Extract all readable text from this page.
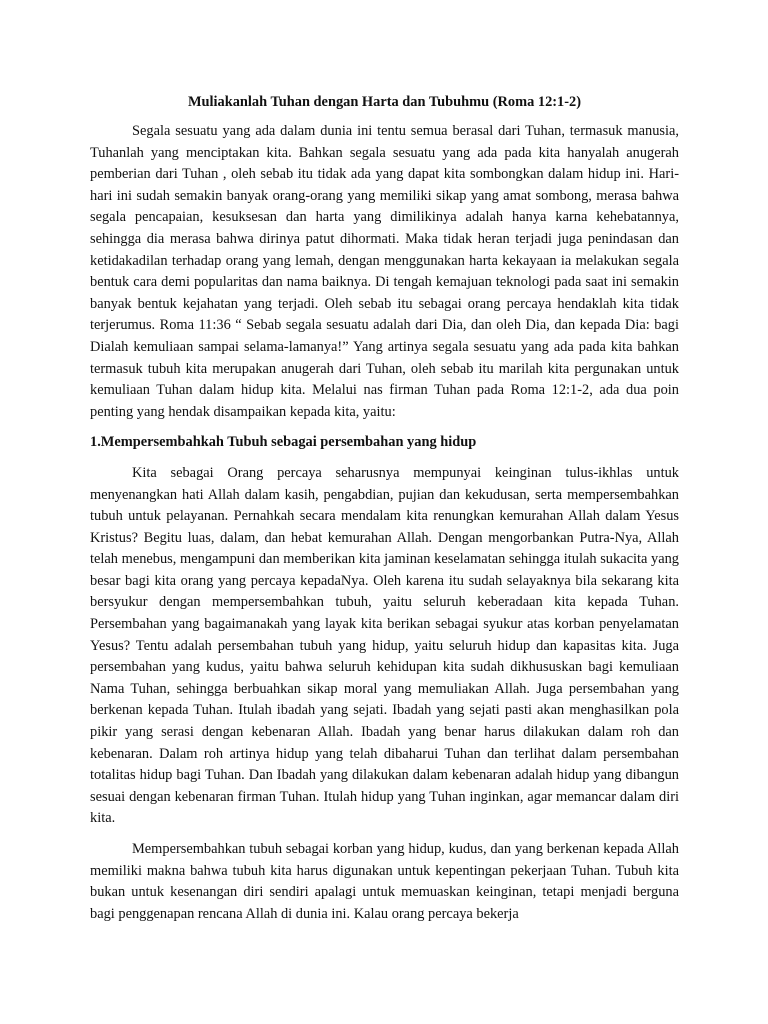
Muliakanlah Tuhan dengan Harta dan Tubuhmu (Roma 12:1-2)

Segala sesuatu yang ada dalam dunia ini tentu semua berasal dari Tuhan, termasuk manusia, Tuhanlah yang menciptakan kita. Bahkan segala sesuatu yang ada pada kita hanyalah anugerah pemberian dari Tuhan , oleh sebab itu tidak ada yang dapat kita sombongkan dalam hidup ini. Hari-hari ini sudah semakin banyak orang-orang yang memiliki sikap yang amat sombong, merasa bahwa segala pencapaian, kesuksesan dan harta yang dimilikinya adalah hanya karna kehebatannya, sehingga dia merasa bahwa dirinya patut dihormati. Maka tidak heran terjadi juga penindasan dan ketidakadilan terhadap orang yang lemah, dengan menggunakan harta kekayaan ia melakukan segala bentuk cara demi popularitas dan nama baiknya. Di tengah kemajuan teknologi pada saat ini semakin banyak bentuk kejahatan yang terjadi. Oleh sebab itu sebagai orang percaya hendaklah kita tidak terjerumus. Roma 11:36 “ Sebab segala sesuatu adalah dari Dia, dan oleh Dia, dan kepada Dia: bagi Dialah kemuliaan sampai selama-lamanya!” Yang artinya segala sesuatu yang ada pada kita bahkan termasuk tubuh kita merupakan anugerah dari Tuhan, oleh sebab itu marilah kita pergunakan untuk kemuliaan Tuhan dalam hidup kita. Melalui nas firman Tuhan pada Roma 12:1-2, ada dua poin penting yang hendak disampaikan kepada kita, yaitu:

1.Mempersembahkah Tubuh sebagai persembahan yang hidup

Kita sebagai Orang percaya seharusnya mempunyai keinginan tulus-ikhlas untuk menyenangkan hati Allah dalam kasih, pengabdian, pujian dan kekudusan, serta mempersembahkan tubuh untuk pelayanan. Pernahkah secara mendalam kita renungkan kemurahan Allah dalam Yesus Kristus? Begitu luas, dalam, dan hebat kemurahan Allah. Dengan mengorbankan Putra-Nya, Allah telah menebus, mengampuni dan memberikan kita jaminan keselamatan sehingga itulah sukacita yang besar bagi kita orang yang percaya kepadaNya. Oleh karena itu sudah selayaknya bila sekarang kita bersyukur dengan mempersembahkan tubuh, yaitu seluruh keberadaan kita kepada Tuhan. Persembahan yang bagaimanakah yang layak kita berikan sebagai syukur atas korban penyelamatan Yesus? Tentu adalah persembahan tubuh yang hidup, yaitu seluruh hidup dan kapasitas kita. Juga persembahan yang kudus, yaitu bahwa seluruh kehidupan kita sudah dikhususkan bagi kemuliaan Nama Tuhan, sehingga berbuahkan sikap moral yang memuliakan Allah. Juga persembahan yang berkenan kepada Tuhan. Itulah ibadah yang sejati. Ibadah yang sejati pasti akan menghasilkan pola pikir yang serasi dengan kebenaran Allah. Ibadah yang benar harus dilakukan dalam roh dan kebenaran. Dalam roh artinya hidup yang telah dibaharui Tuhan dan terlihat dalam persembahan totalitas hidup bagi Tuhan. Dan Ibadah yang dilakukan dalam kebenaran adalah hidup yang dibangun sesuai dengan kebenaran firman Tuhan. Itulah hidup yang Tuhan inginkan, agar memancar dalam diri kita.

Mempersembahkan tubuh sebagai korban yang hidup, kudus, dan yang berkenan kepada Allah memiliki makna bahwa tubuh kita harus digunakan untuk kepentingan pekerjaan Tuhan. Tubuh kita bukan untuk kesenangan diri sendiri apalagi untuk memuaskan keinginan, tetapi menjadi berguna bagi penggenapan rencana Allah di dunia ini. Kalau orang percaya bekerja
